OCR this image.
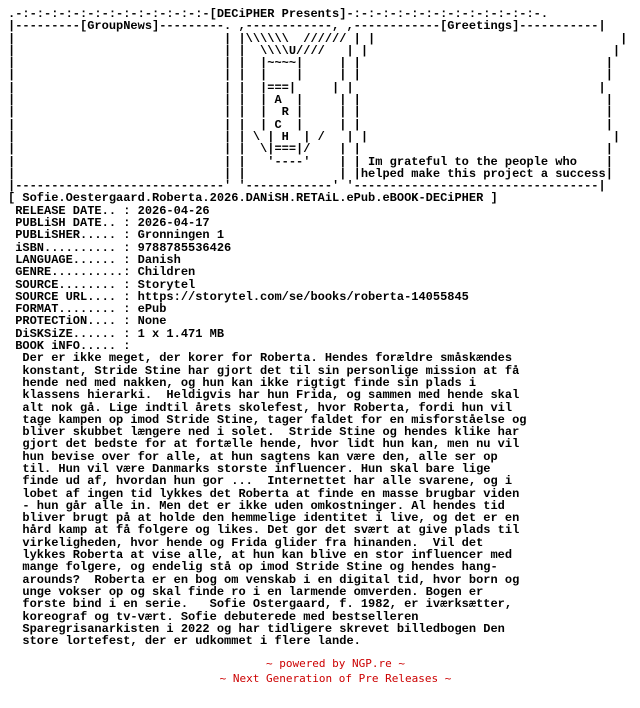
.-:-:-:-:-:-:-:-:-:-:-:-:-:-[DECiPHER Presents]-:-:-:-:-:-:-:-:-:-:-:-:-:-.
|---------[GroupNews]---------. ,------------, ,------------[Greetings]-----------|
|                             | |\\\\\\  ////// | |                                  |
|                             | |  \\\\U////   | |                                  |
|                             | |  |~~~~|     | |                                  |
|                             | |  |    |     | |                                  |
|                             | |  |===|     | |                                  |
|                             | |  | A  |     | |                                  |
|                             | |  |  R |     | |                                  |
|                             | |  | C  |     | |                                  |
|                             | | \ | H  | /   | |                                  |
|                             | |  \|===|/    | |                                  |
|                             | |   '----'    | | Im grateful to the people who    |
|                             | |             | |helped make this project a success|
|-----------------------------' '------------' '----------------------------------|
[ Sofie.Oestergaard.Roberta.2026.DANiSH.RETAiL.ePub.eBOOK-DECiPHER ]
RELEASE DATE.. : 2026-04-26
PUBLiSH DATE.. : 2026-04-17
PUBLiSHER..... : Gronningen 1
iSBN.......... : 9788785536426
LANGUAGE...... : Danish
GENRE..........: Children
SOURCE........ : Storytel
SOURCE URL.... : https://storytel.com/se/books/roberta-14055845
FORMAT........ : ePub
PROTECTiON.... : None
DiSKSiZE...... : 1 x 1.471 MB
BOOK iNFO..... :
Der er ikke meget, der korer for Roberta. Hendes forældre småskændes
konstant, Stride Stine har gjort det til sin personlige mission at få
hende ned med nakken, og hun kan ikke rigtigt finde sin plads i
klassens hierarki.  Heldigvis har hun Frida, og sammen med hende skal
alt nok gå. Lige indtil årets skolefest, hvor Roberta, fordi hun vil
tage kampen op imod Stride Stine, tager faldet for en misforståelse og
bliver skubbet længere ned i solet.  Stride Stine og hendes klike har
gjort det bedste for at fortælle hende, hvor lidt hun kan, men nu vil
hun bevise over for alle, at hun sagtens kan være den, alle ser op
til. Hun vil være Danmarks storste influencer. Hun skal bare lige
finde ud af, hvordan hun gor ...  Internettet har alle svarene, og i
lobet af ingen tid lykkes det Roberta at finde en masse brugbar viden
- hun går alle in. Men det er ikke uden omkostninger. Al hendes tid
bliver brugt på at holde den hemmelige identitet i live, og det er en
hård kamp at få folgere og likes. Det gor det svært at give plads til
virkeligheden, hvor hende og Frida glider fra hinanden.  Vil det
lykkes Roberta at vise alle, at hun kan blive en stor influencer med
mange folgere, og endelig stå op imod Stride Stine og hendes hang-
arounds?  Roberta er en bog om venskab i en digital tid, hvor born og
unge vokser op og skal finde ro i en larmende omverden. Bogen er
forste bind i en serie.   Sofie Ostergaard, f. 1982, er iværksætter,
koreograf og tv-vært. Sofie debuterede med bestselleren
Sparegrisanarkisten i 2022 og har tidligere skrevet billedbogen Den
store lortefest, der er udkommet i flere lande.
~ powered by NGP.re ~
~ Next Generation of Pre Releases ~
